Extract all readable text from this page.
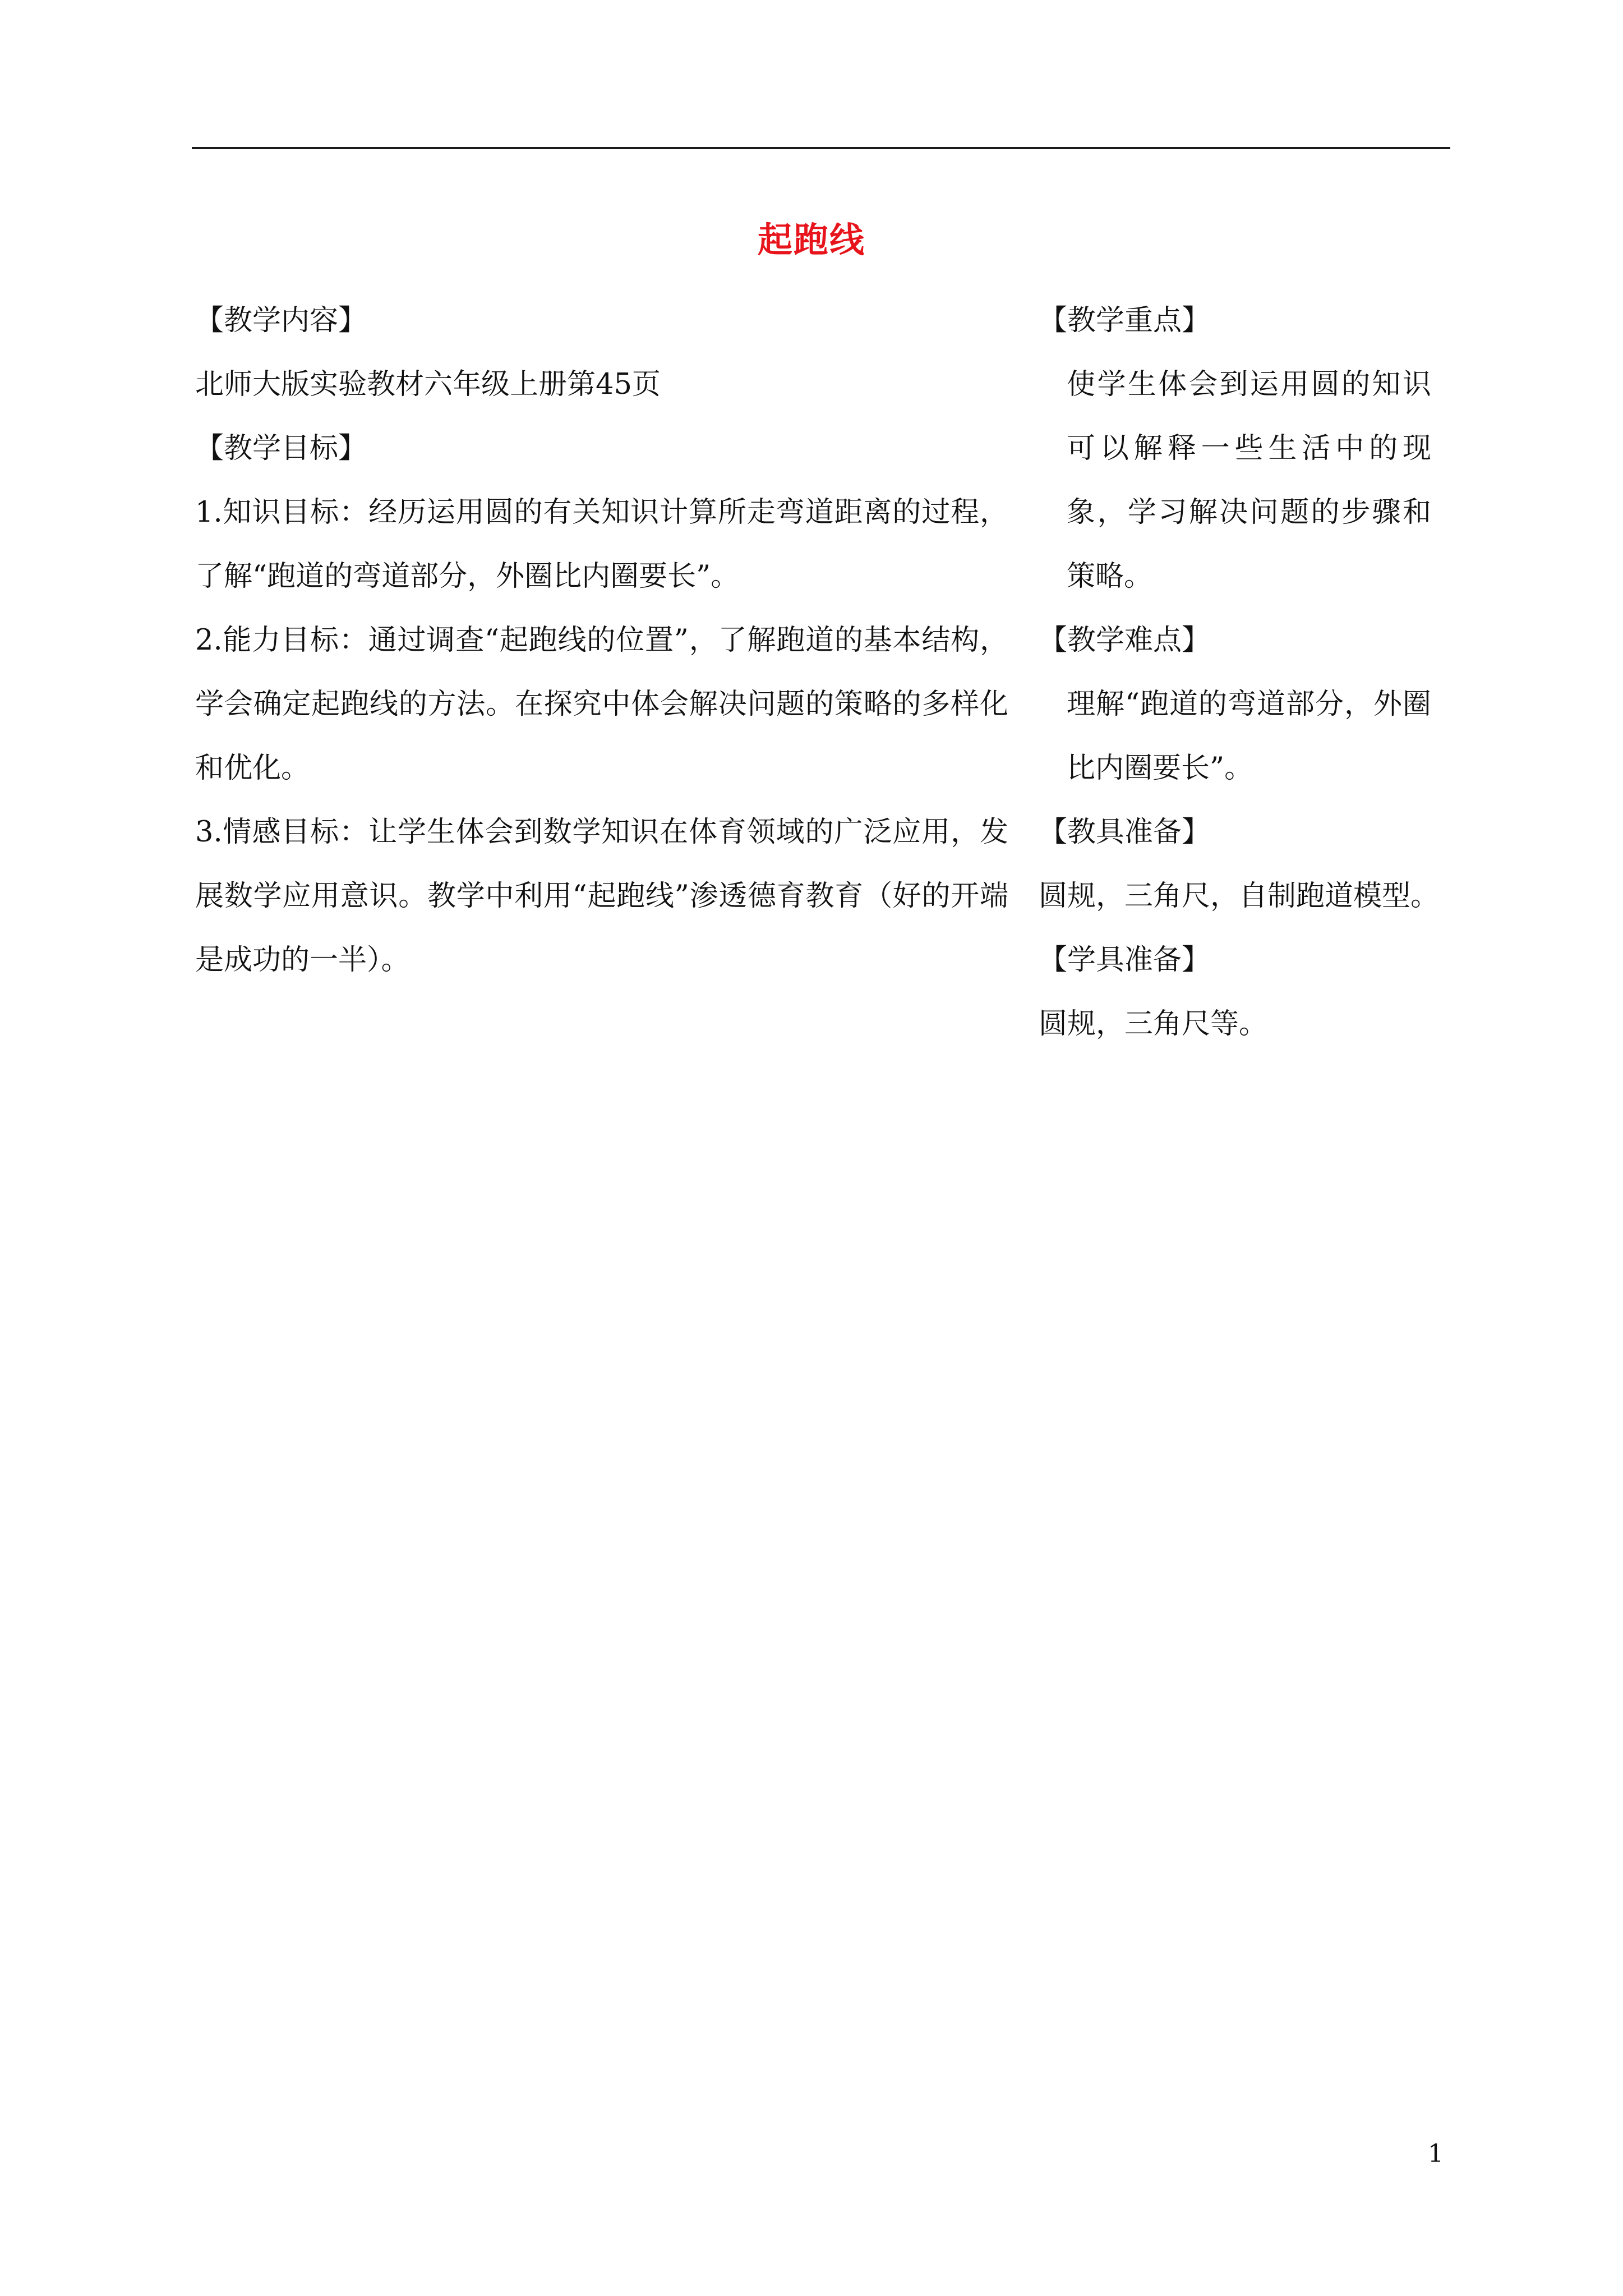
起跑线
【教学内容】
北师大版实验教材六年级上册第45页
【教学目标】
1.知识目标：经历运用圆的有关知识计算所走弯道距离的过程，了解“跑道的弯道部分，外圈比内圈要长”。
2.能力目标：通过调查“起跑线的位置”，了解跑道的基本结构，学会确定起跑线的方法。在探究中体会解决问题的策略的多样化和优化。
3.情感目标：让学生体会到数学知识在体育领域的广泛应用，发展数学应用意识。教学中利用“起跑线”渗透德育教育（好的开端是成功的一半）。
【教学重点】
使学生体会到运用圆的知识可以解释一些生活中的现象，学习解决问题的步骤和策略。
【教学难点】
理解“跑道的弯道部分，外圈比内圈要长”。
【教具准备】
圆规，三角尺，自制跑道模型。
【学具准备】
圆规，三角尺等。
1
